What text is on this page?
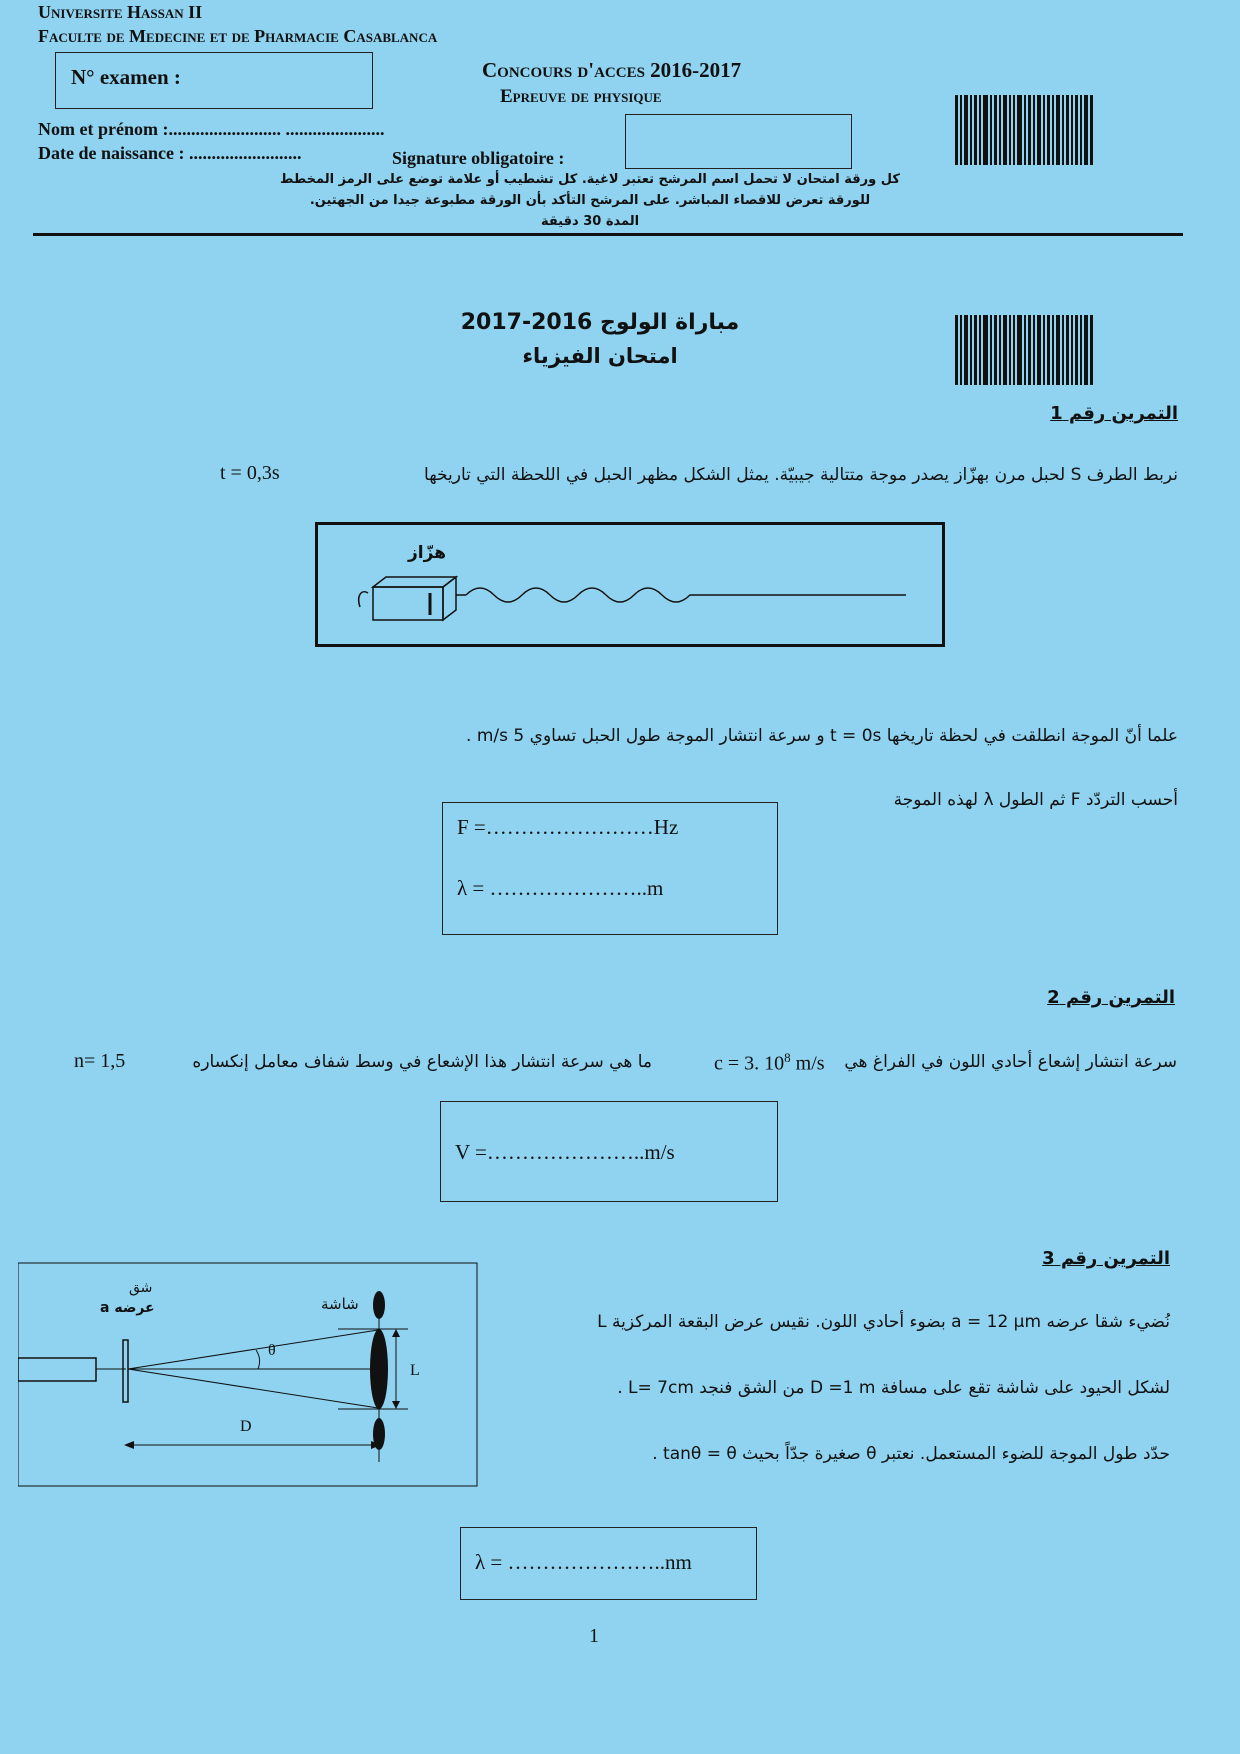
Universite Hassan II
Faculte de Medecine et de Pharmacie Casablanca
N° examen :	Concours d'acces 2016-2017
Epreuve de physique
Nom et prénom :......................... ......................
Date de naissance : .........................	Signature obligatoire :
كل ورقة امتحان لا تحمل اسم المرشح تعتبر لاغية. كل تشطيب أو علامة توضع على الرمز المخطط
للورقة تعرض للاقصاء المباشر. على المرشح التأكد بأن الورقة مطبوعة جيدا من الجهتين.
المدة 30 دقيقة
مباراة الولوج 2016-2017
امتحان الفيزياء
التمرين رقم 1
نربط الطرف S لحبل مرن بهزّاز يصدر موجة متتالية جيبيّة. يمثل الشكل مظهر الحبل في اللحظة التي تاريخها
t = 0,3s
هزّاز
علما أنّ الموجة انطلقت في لحظة تاريخها t = 0s و سرعة انتشار الموجة طول الحبل تساوي 5 m/s .
أحسب التردّد F ثم الطول λ لهذه الموجة
F =……………………Hz
λ = …………………..m
التمرين رقم 2
سرعة انتشار إشعاع أحادي اللون في الفراغ هي
c = 3. $10^8$ m/s
ما هي سرعة انتشار هذا الإشعاع في وسط شفاف معامل إنكساره
n= 1,5
V =…………………..m/s
التمرين رقم 3
شق
عرضه a	شاشة
θ
L
D
نُضيء شقا عرضه a = 12 µm بضوء أحادي اللون. نقيس عرض البقعة المركزية L
لشكل الحيود على شاشة تقع على مسافة D =1 m من الشق فنجد L= 7cm .
حدّد طول الموجة للضوء المستعمل. نعتبر θ صغيرة جدّاً بحيث tanθ = θ .
λ = …………………..nm
1
